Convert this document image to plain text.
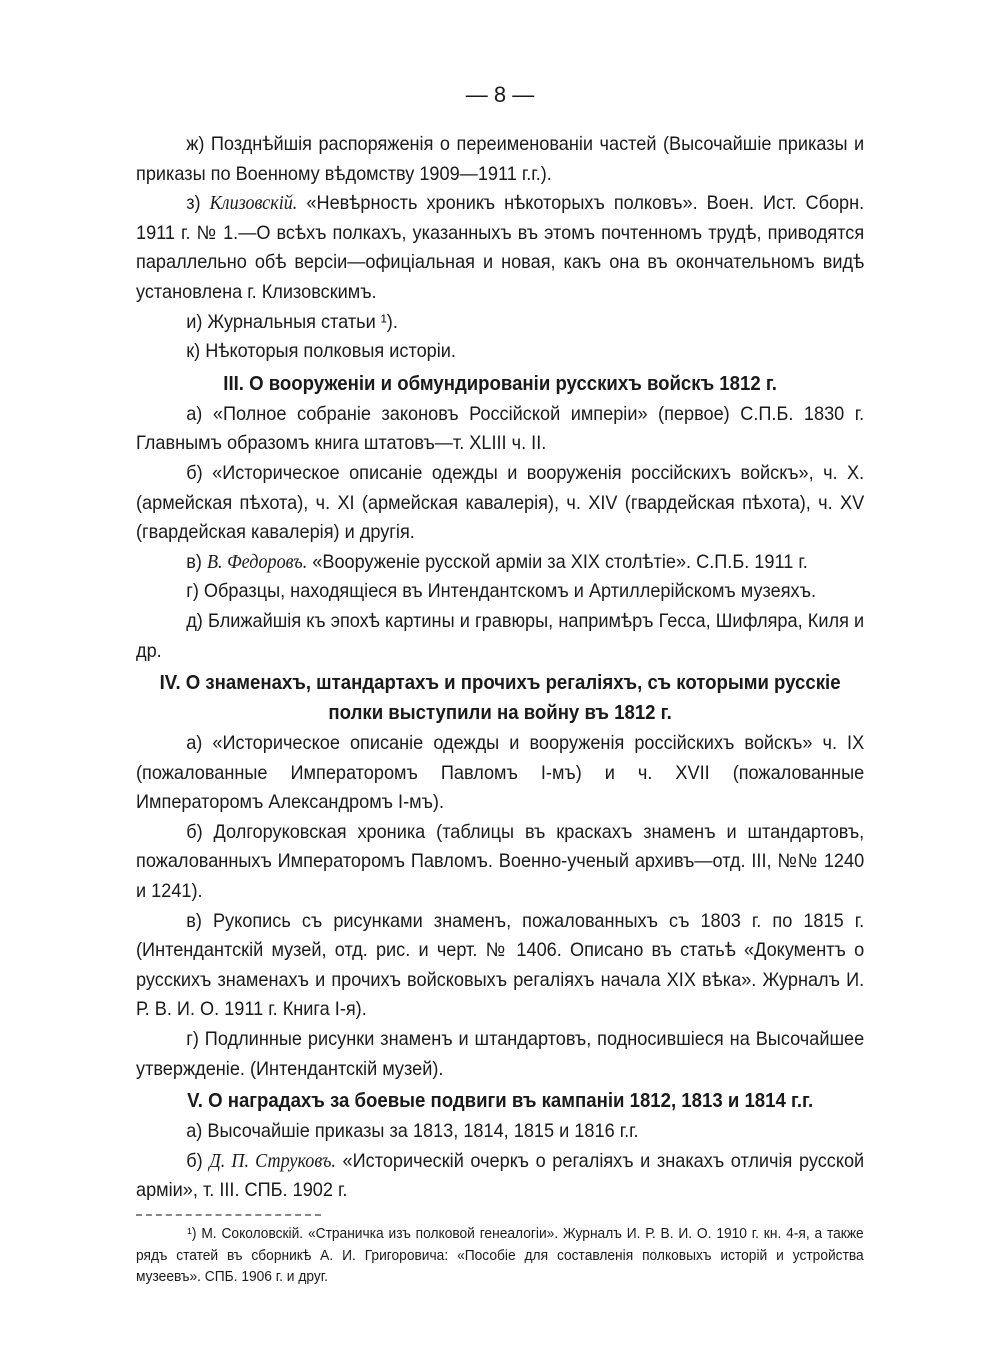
— 8 —

ж) Позднѣйшія распоряженія о переименованіи частей (Высочайшіе приказы и приказы по Военному вѣдомству 1909—1911 г.г.).

з) Клизовскій. «Невѣрность хроникъ нѣкоторыхъ полковъ». Воен. Ист. Сборн. 1911 г. № 1.—О всѣхъ полкахъ, указанныхъ въ этомъ почтенномъ трудѣ, приводятся параллельно обѣ версіи—офиціальная и новая, какъ она въ окончательномъ видѣ установлена г. Клизовскимъ.

и) Журнальныя статьи ¹).

к) Нѣкоторыя полковыя исторіи.

III. О вооруженіи и обмундированіи русскихъ войскъ 1812 г.

а) «Полное собраніе законовъ Россійской имперіи» (первое) С.П.Б. 1830 г. Главнымъ образомъ книга штатовъ—т. XLIII ч. II.

б) «Историческое описаніе одежды и вооруженія россійскихъ войскъ», ч. X. (армейская пѣхота), ч. XI (армейская кавалерія), ч. XIV (гвардейская пѣхота), ч. XV (гвардейская кавалерія) и другія.

в) В. Федоровъ. «Вооруженіе русской арміи за XIX столѣтіе». С.П.Б. 1911 г.

г) Образцы, находящіеся въ Интендантскомъ и Артиллерійскомъ музеяхъ.

д) Ближайшія къ эпохѣ картины и гравюры, напримѣръ Гесса, Шифляра, Киля и др.

IV. О знаменахъ, штандартахъ и прочихъ регаліяхъ, съ которыми русскіе полки выступили на войну въ 1812 г.

а) «Историческое описаніе одежды и вооруженія россійскихъ войскъ» ч. IX (пожалованные Императоромъ Павломъ I-мъ) и ч. XVII (пожалованные Императоромъ Александромъ I-мъ).

б) Долгоруковская хроника (таблицы въ краскахъ знаменъ и штандартовъ, пожалованныхъ Императоромъ Павломъ. Военно-ученый архивъ—отд. III, №№ 1240 и 1241).

в) Рукопись съ рисунками знаменъ, пожалованныхъ съ 1803 г. по 1815 г. (Интендантскій музей, отд. рис. и черт. № 1406. Описано въ статьѣ «Документъ о русскихъ знаменахъ и прочихъ войсковыхъ регаліяхъ начала XIX вѣка». Журналъ И. Р. В. И. О. 1911 г. Книга I-я).

г) Подлинные рисунки знаменъ и штандартовъ, подносившіеся на Высочайшее утвержденіе. (Интендантскій музей).

V. О наградахъ за боевые подвиги въ кампаніи 1812, 1813 и 1814 г.г.

а) Высочайшіе приказы за 1813, 1814, 1815 и 1816 г.г.

б) Д. П. Струковъ. «Историческій очеркъ о регаліяхъ и знакахъ отличія русской арміи», т. III. СПБ. 1902 г.

¹) М. Соколовскій. «Страничка изъ полковой генеалогіи». Журналъ И. Р. В. И. О. 1910 г. кн. 4-я, а также рядъ статей въ сборникѣ А. И. Григоровича: «Пособіе для составленія полковыхъ исторій и устройства музеевъ». СПБ. 1906 г. и друг.
